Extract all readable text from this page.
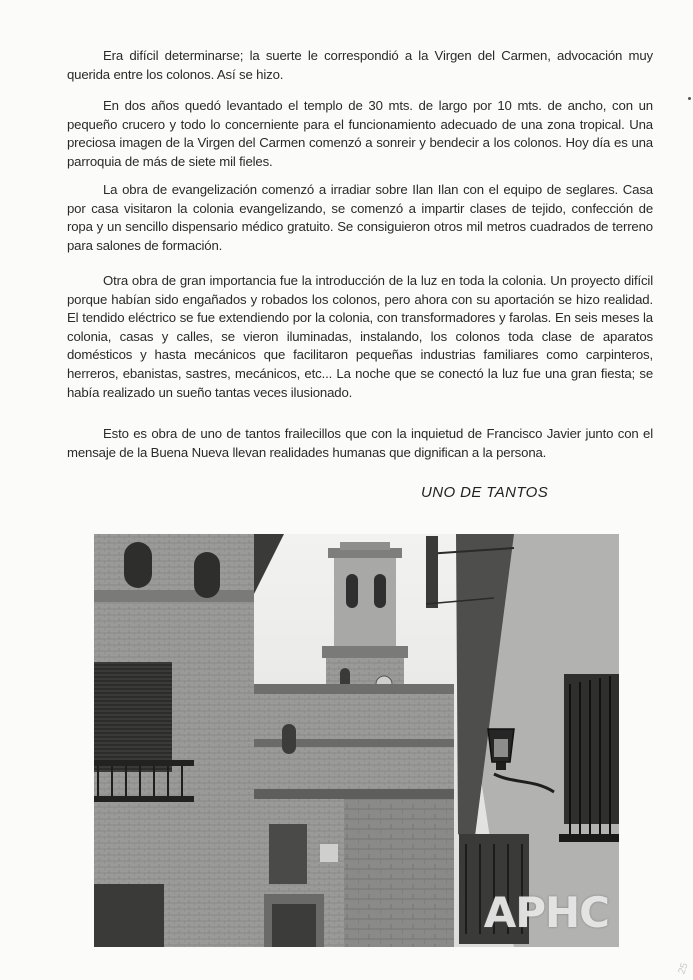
Era difícil determinarse; la suerte le correspondió a la Virgen del Carmen, advocación muy querida entre los colonos. Así se hizo.

En dos años quedó levantado el templo de 30 mts. de largo por 10 mts. de ancho, con un pequeño crucero y todo lo concerniente para el funcionamiento adecuado de una zona tropical. Una preciosa imagen de la Virgen del Carmen comenzó a sonreir y bendecir a los colonos. Hoy día es una parroquia de más de siete mil fieles.

La obra de evangelización comenzó a irradiar sobre Ilan Ilan con el equipo de seglares. Casa por casa visitaron la colonia evangelizando, se comenzó a impartir clases de tejido, confección de ropa y un sencillo dispensario médico gratuito. Se consiguieron otros mil metros cuadrados de terreno para salones de formación.

Otra obra de gran importancia fue la introducción de la luz en toda la colonia. Un proyecto difícil porque habían sido engañados y robados los colonos, pero ahora con su aportación se hizo realidad. El tendido eléctrico se fue extendiendo por la colonia, con transformadores y farolas. En seis meses la colonia, casas y calles, se vieron iluminadas, instalando, los colonos toda clase de aparatos domésticos y hasta mecánicos que facilitaron pequeñas industrias familiares como carpinteros, herreros, ebanistas, sastres, mecánicos, etc... La noche que se conectó la luz fue una gran fiesta; se había realizado un sueño tantas veces ilusionado.

Esto es obra de uno de tantos frailecillos que con la inquietud de Francisco Javier junto con el mensaje de la Buena Nueva llevan realidades humanas que dignifican a la persona.

UNO DE TANTOS
APHC
25
